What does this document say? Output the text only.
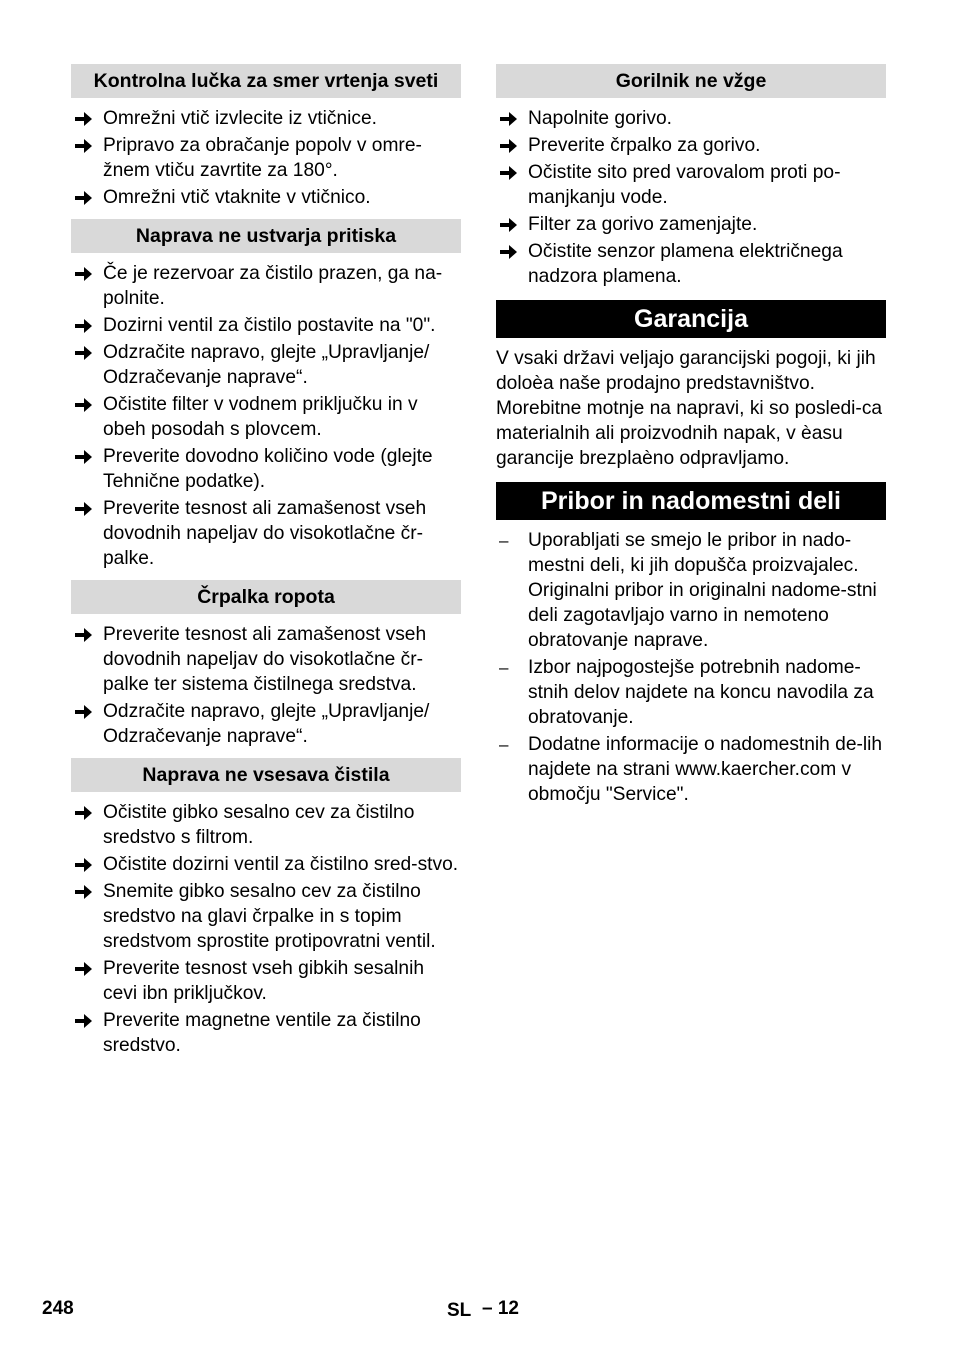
Kontrolna lučka za smer vrtenja sveti
Omrežni vtič izvlecite iz vtičnice.
Pripravo za obračanje popolv v omre-žnem vtiču zavrtite za 180°.
Omrežni vtič vtaknite v vtičnico.
Naprava ne ustvarja pritiska
Če je rezervoar za čistilo prazen, ga na-polnite.
Dozirni ventil za čistilo postavite na "0".
Odzračite napravo, glejte „Upravljanje/ Odzračevanje naprave“.
Očistite filter v vodnem priključku in v obeh posodah s plovcem.
Preverite dovodno količino vode (glejte Tehnične podatke).
Preverite tesnost ali zamašenost vseh dovodnih napeljav do visokotlačne čr-palke.
Črpalka ropota
Preverite tesnost ali zamašenost vseh dovodnih napeljav do visokotlačne čr-palke ter sistema čistilnega sredstva.
Odzračite napravo, glejte „Upravljanje/ Odzračevanje naprave“.
Naprava ne vsesava čistila
Očistite gibko sesalno cev za čistilno sredstvo s filtrom.
Očistite dozirni ventil za čistilno sred-stvo.
Snemite gibko sesalno cev za čistilno sredstvo na glavi črpalke in s topim sredstvom sprostite protipovratni ventil.
Preverite tesnost vseh gibkih sesalnih cevi ibn priključkov.
Preverite magnetne ventile za čistilno sredstvo.
Gorilnik ne vžge
Napolnite gorivo.
Preverite črpalko za gorivo.
Očistite sito pred varovalom proti po-manjkanju vode.
Filter za gorivo zamenjajte.
Očistite senzor plamena električnega nadzora plamena.
Garancija

V vsaki državi veljajo garancijski pogoji, ki jih doloèa naše prodajno predstavništvo. Morebitne motnje na napravi, ki so posledi-ca materialnih ali proizvodnih napak, v èasu garancije brezplaèno odpravljamo.

Pribor in nadomestni deli
–	Uporabljati se smejo le pribor in nado-mestni deli, ki jih dopušča proizvajalec. Originalni pribor in originalni nadome-stni deli zagotavljajo varno in nemoteno obratovanje naprave.
–	Izbor najpogostejše potrebnih nadome-stnih delov najdete na koncu navodila za obratovanje.
–	Dodatne informacije o nadomestnih de-lih najdete na strani www.kaercher.com v območju "Service".
248	SL – 12
